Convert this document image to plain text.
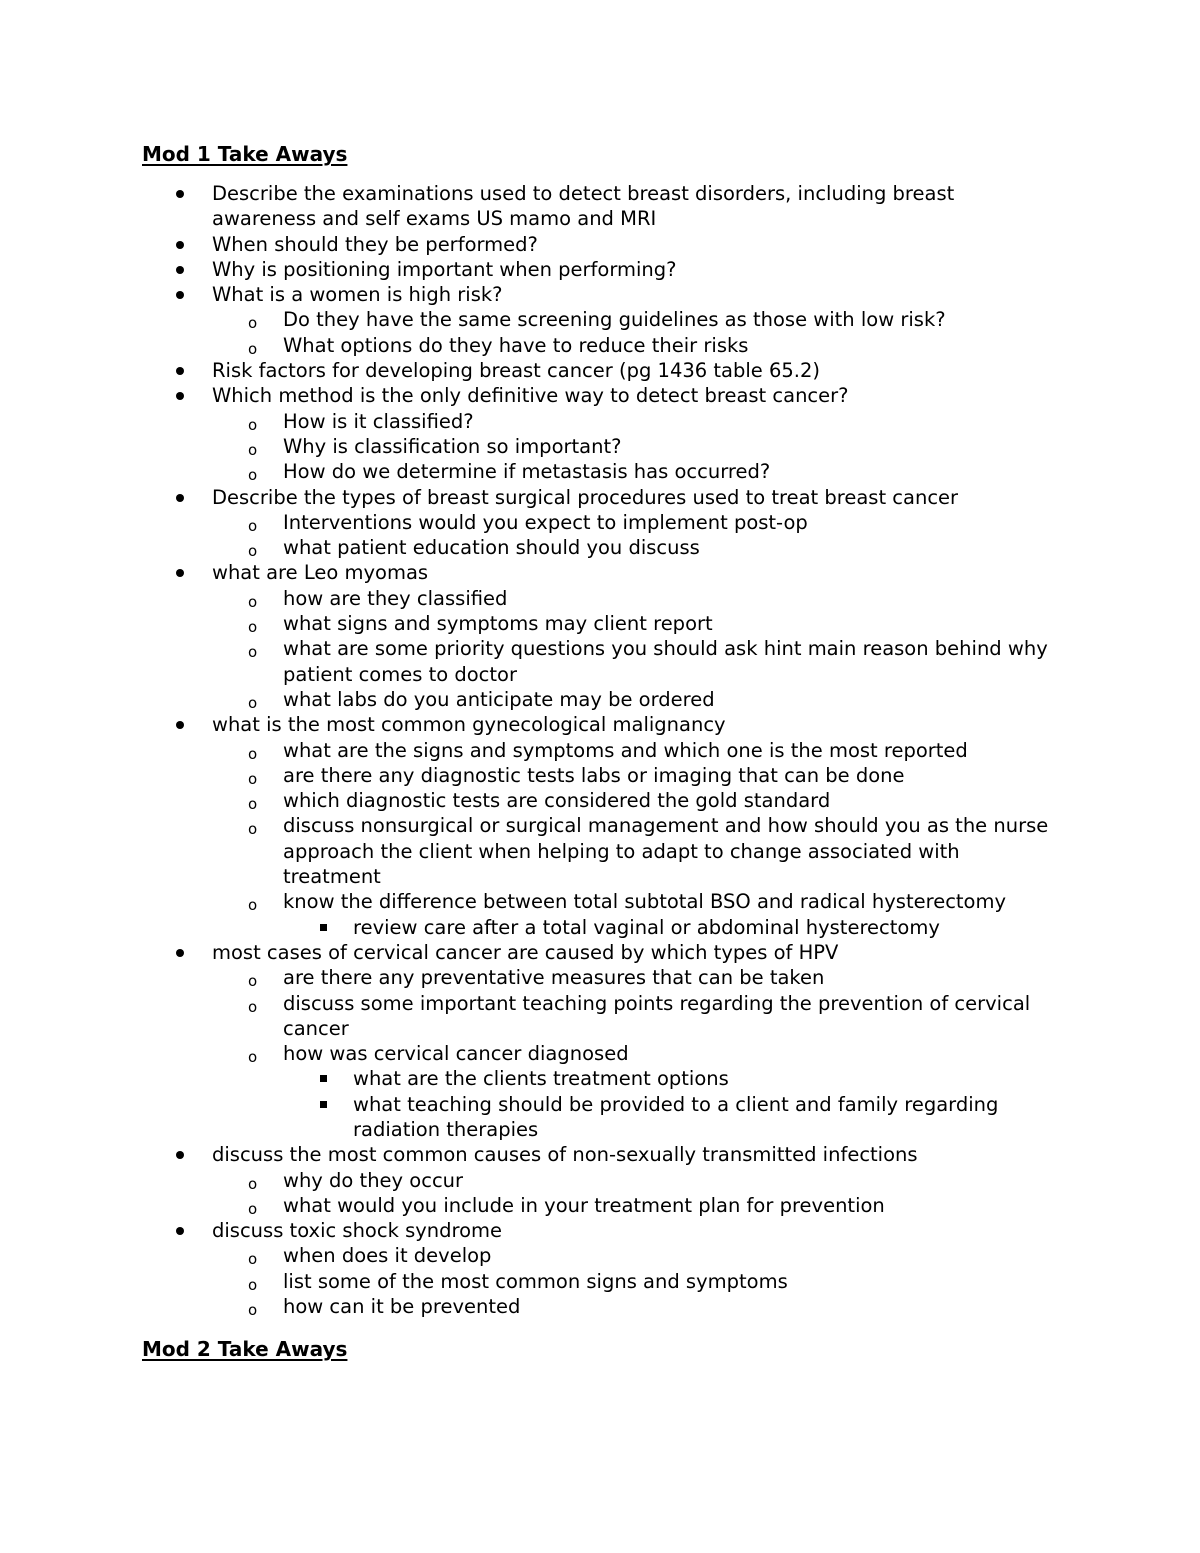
Mod 1 Take Aways
Describe the examinations used to detect breast disorders, including breast
awareness and self exams US mamo and MRI
When should they be performed?
Why is positioning important when performing?
What is a women is high risk?
o Do they have the same screening guidelines as those with low risk?
o What options do they have to reduce their risks
Risk factors for developing breast cancer (pg 1436 table 65.2)
Which method is the only definitive way to detect breast cancer?
o How is it classified?
o Why is classification so important?
o How do we determine if metastasis has occurred?
Describe the types of breast surgical procedures used to treat breast cancer
o Interventions would you expect to implement post-op
o what patient education should you discuss
what are Leo myomas
o how are they classified
o what signs and symptoms may client report
o what are some priority questions you should ask hint main reason behind why
patient comes to doctor
o what labs do you anticipate may be ordered
what is the most common gynecological malignancy
o what are the signs and symptoms and which one is the most reported
o are there any diagnostic tests labs or imaging that can be done
o which diagnostic tests are considered the gold standard
o discuss nonsurgical or surgical management and how should you as the nurse
approach the client when helping to adapt to change associated with
treatment
o know the difference between total subtotal BSO and radical hysterectomy
review care after a total vaginal or abdominal hysterectomy
most cases of cervical cancer are caused by which types of HPV
o are there any preventative measures that can be taken
o discuss some important teaching points regarding the prevention of cervical
cancer
o how was cervical cancer diagnosed
what are the clients treatment options
what teaching should be provided to a client and family regarding
radiation therapies
discuss the most common causes of non-sexually transmitted infections
o why do they occur
o what would you include in your treatment plan for prevention
discuss toxic shock syndrome
o when does it develop
o list some of the most common signs and symptoms
o how can it be prevented
Mod 2 Take Aways
